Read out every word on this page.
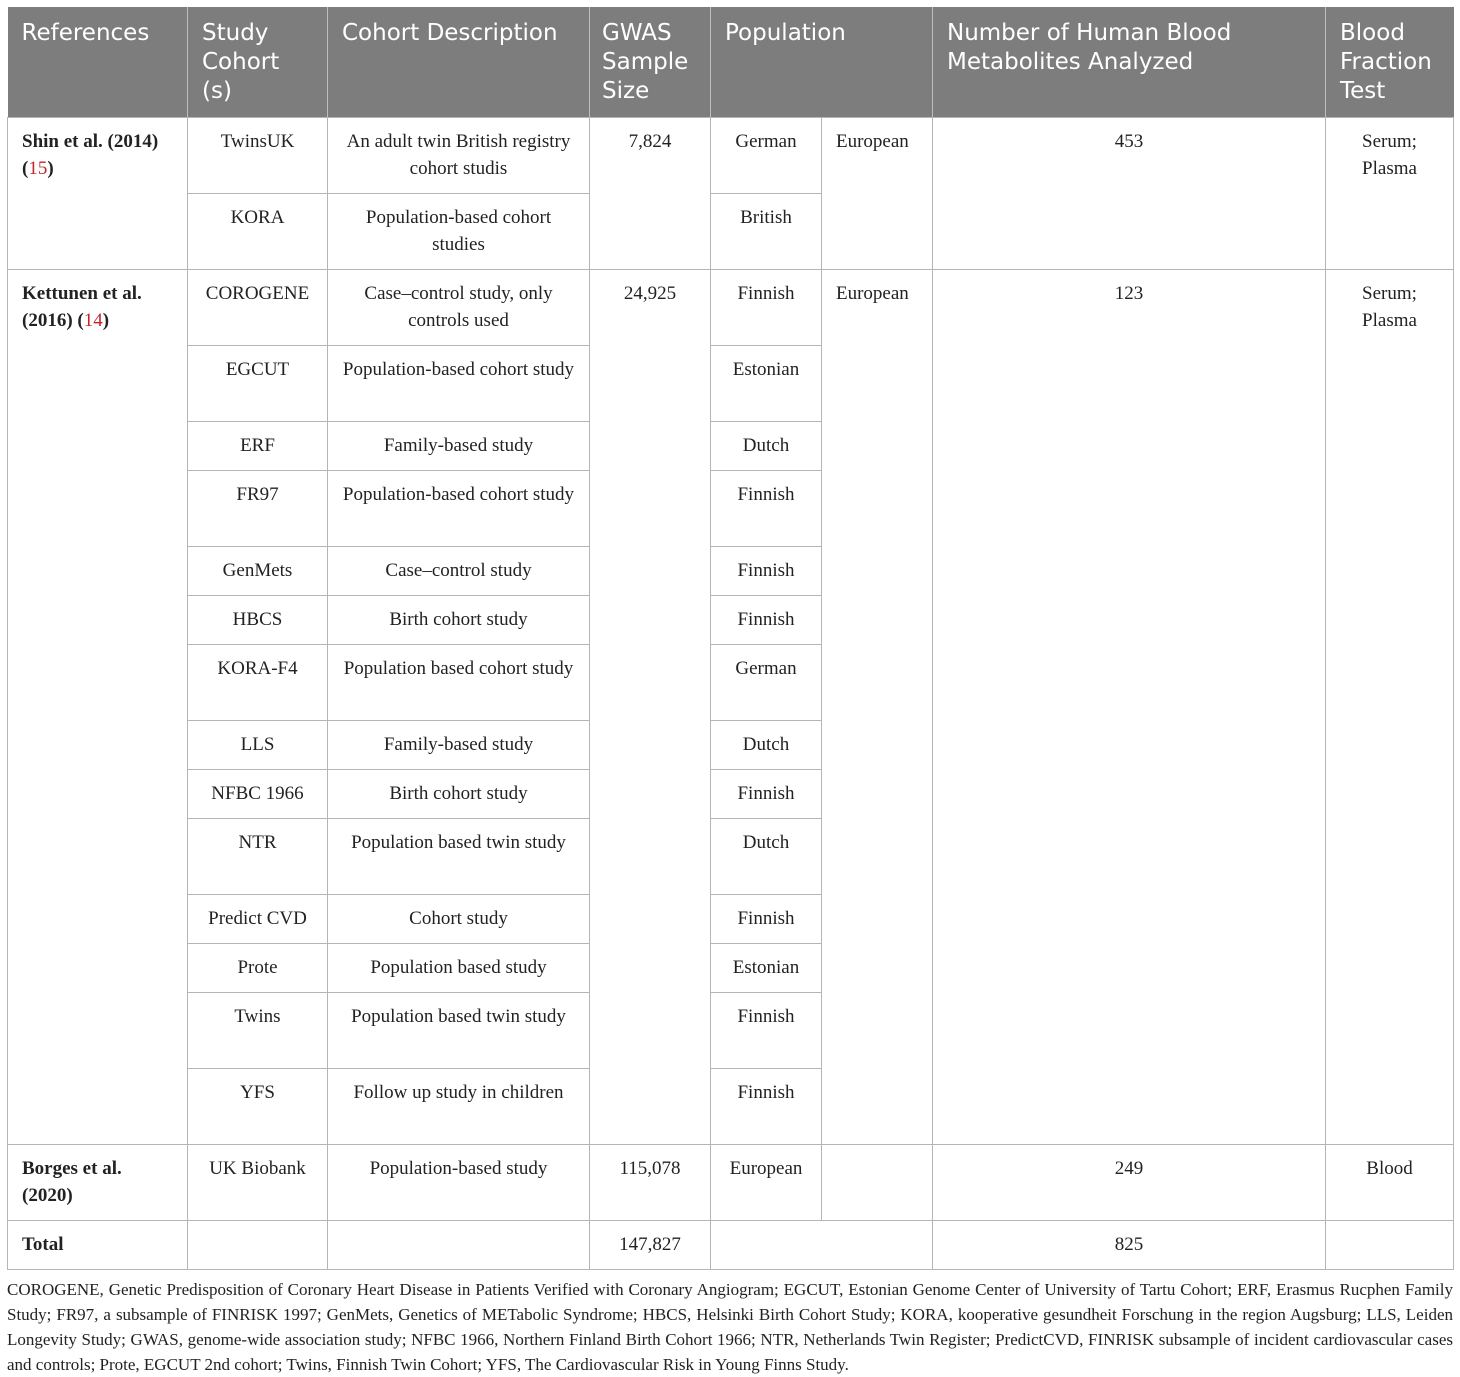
References	Study Cohort (s)	Cohort Description	GWAS Sample Size	Population		Number of Human Blood Metabolites Analyzed	Blood Fraction Test
Shin et al. (2014) (15)	TwinsUK	An adult twin British registry cohort studis	7,824	German	European	453	Serum; Plasma
	KORA	Population-based cohort studies		British			
Kettunen et al. (2016) (14)	COROGENE	Case–control study, only controls used	24,925	Finnish	European	123	Serum; Plasma
	EGCUT	Population-based cohort study		Estonian			
	ERF	Family-based study		Dutch			
	FR97	Population-based cohort study		Finnish			
	GenMets	Case–control study		Finnish			
	HBCS	Birth cohort study		Finnish			
	KORA-F4	Population based cohort study		German			
	LLS	Family-based study		Dutch			
	NFBC 1966	Birth cohort study		Finnish			
	NTR	Population based twin study		Dutch			
	Predict CVD	Cohort study		Finnish			
	Prote	Population based study		Estonian			
	Twins	Population based twin study		Finnish			
	YFS	Follow up study in children		Finnish			
Borges et al. (2020)	UK Biobank	Population-based study	115,078	European		249	Blood
Total			147,827			825	
COROGENE, Genetic Predisposition of Coronary Heart Disease in Patients Verified with Coronary Angiogram; EGCUT, Estonian Genome Center of University of Tartu Cohort; ERF, Erasmus Rucphen Family Study; FR97, a subsample of FINRISK 1997; GenMets, Genetics of METabolic Syndrome; HBCS, Helsinki Birth Cohort Study; KORA, kooperative gesundheit Forschung in the region Augsburg; LLS, Leiden Longevity Study; GWAS, genome-wide association study; NFBC 1966, Northern Finland Birth Cohort 1966; NTR, Netherlands Twin Register; PredictCVD, FINRISK subsample of incident cardiovascular cases and controls; Prote, EGCUT 2nd cohort; Twins, Finnish Twin Cohort; YFS, The Cardiovascular Risk in Young Finns Study.
